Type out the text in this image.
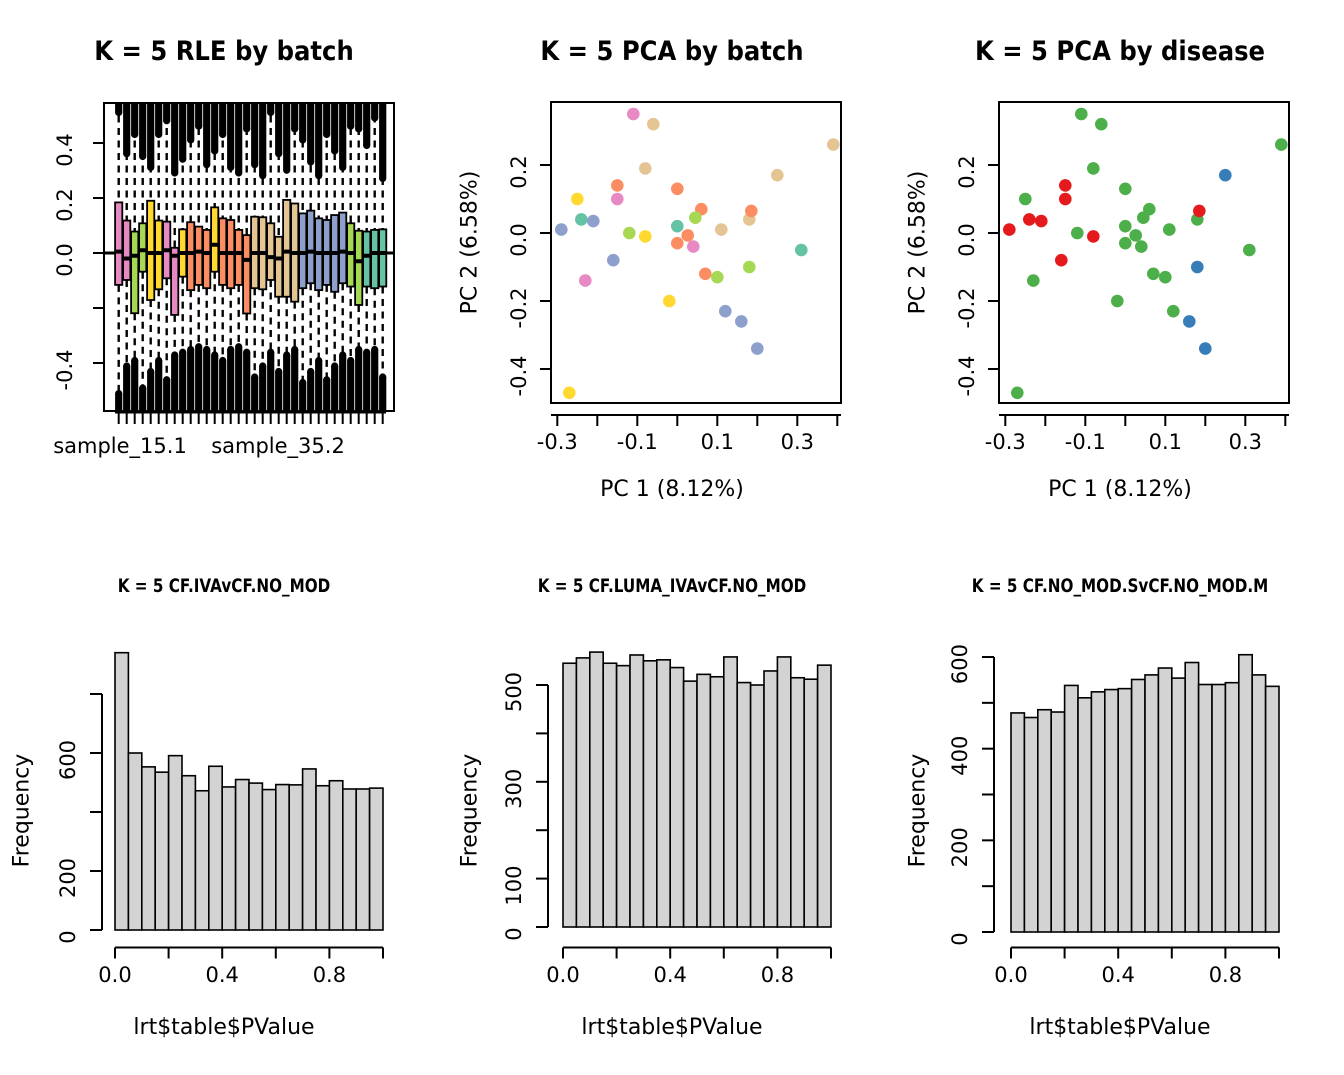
0.4
0.2
0.0
-0.4
K = 5 RLE by batch
sample_15.1 sample_35.2
0.2
0.0
-0.2
-0.4
-0.3 -0.1 0.1 0.3
K = 5 PCA by batch
PC 1 (8.12%)
PC 2 (6.58%)	0.2
0.0
-0.2
-0.4
-0.3 -0.1 0.1 0.3
K = 5 PCA by disease
PC 1 (8.12%)
PC 2 (6.58%)
0
200
600
0.0	0.4	0.8
K = 5 CF.IVAvCF.NO_MOD
lrt$table$PValue
Frequency
0
100
300
500
0.0	0.4	0.8
K = 5 CF.LUMA_IVAvCF.NO_MOD
lrt$table$PValue
Frequency
0
200
400
600
0.0	0.4	0.8
K = 5 CF.NO_MOD.SvCF.NO_MOD.M
lrt$table$PValue
Frequency
